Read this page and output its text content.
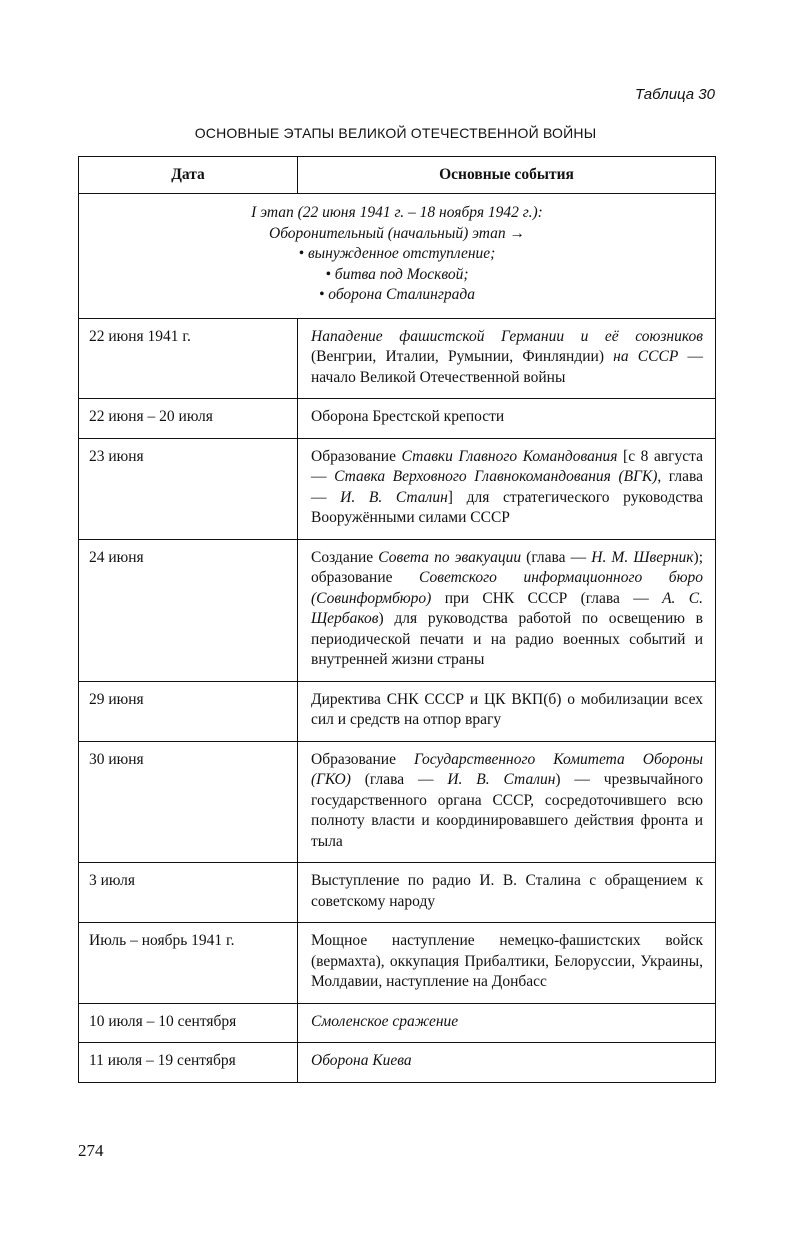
Таблица 30
ОСНОВНЫЕ ЭТАПЫ ВЕЛИКОЙ ОТЕЧЕСТВЕННОЙ ВОЙНЫ
Дата	Основные события

I этап (22 июня 1941 г. – 18 ноября 1942 г.):
Оборонительный (начальный) этап →
• вынужденное отступление;
• битва под Москвой;
• оборона Сталинграда	

22 июня 1941 г.	Нападение фашистской Германии и её союзников (Венгрии, Италии, Румынии, Финляндии) на СССР — начало Великой Отечественной войны
22 июня – 20 июля	Оборона Брестской крепости
23 июня	Образование Ставки Главного Командования [с 8 августа — Ставка Верховного Главнокомандования (ВГК), глава — И. В. Сталин] для стратегического руководства Вооружёнными силами СССР
24 июня	Создание Совета по эвакуации (глава — Н. М. Шверник); образование Советского информационного бюро (Совинформбюро) при СНК СССР (глава — А. С. Щербаков) для руководства работой по освещению в периодической печати и на радио военных событий и внутренней жизни страны
29 июня	Директива СНК СССР и ЦК ВКП(б) о мобилизации всех сил и средств на отпор врагу
30 июня	Образование Государственного Комитета Обороны (ГКО) (глава — И. В. Сталин) — чрезвычайного государственного органа СССР, сосредоточившего всю полноту власти и координировавшего действия фронта и тыла
3 июля	Выступление по радио И. В. Сталина с обращением к советскому народу
Июль – ноябрь 1941 г.	Мощное наступление немецко-фашистских войск (вермахта), оккупация Прибалтики, Белоруссии, Украины, Молдавии, наступление на Донбасс
10 июля – 10 сентября	Смоленское сражение
11 июля – 19 сентября	Оборона Киева
274
